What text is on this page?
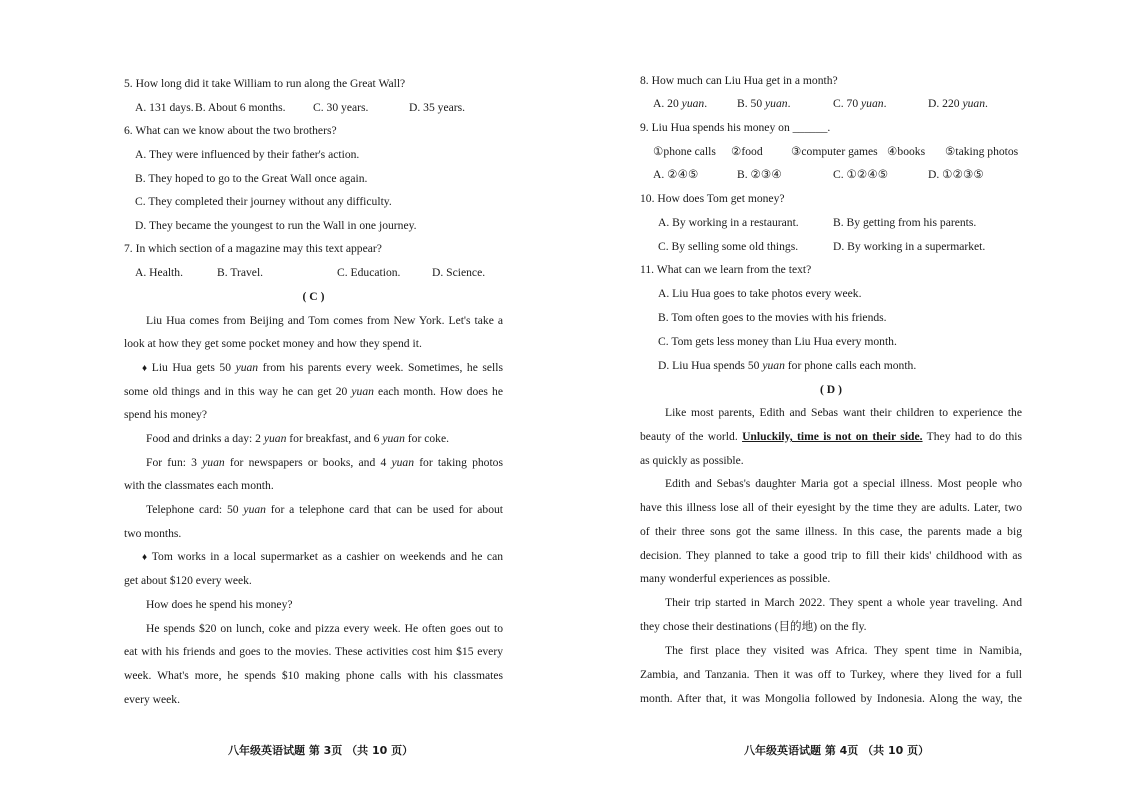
5. How long did it take William to run along the Great Wall?
A. 131 days. B. About 6 months. C. 30 years.	D. 35 years.
6. What can we know about the two brothers?
A. They were influenced by their father's action.
B. They hoped to go to the Great Wall once again.
C. They completed their journey without any difficulty.
D. They became the youngest to run the Wall in one journey.
7. In which section of a magazine may this text appear?
A. Health.	B. Travel.	C. Education.	D. Science.
( C )
Liu Hua comes from Beijing and Tom comes from New York. Let's take a
look at how they get some pocket money and how they spend it.
♦ Liu Hua gets 50 yuan from his parents every week. Sometimes, he sells
some old things and in this way he can get 20 yuan each month. How does he
spend his money?
Food and drinks a day: 2 yuan for breakfast, and 6 yuan for coke.
For fun: 3 yuan for newspapers or books, and 4 yuan for taking photos
with the classmates each month.
Telephone card: 50 yuan for a telephone card that can be used for about
two months.
♦ Tom works in a local supermarket as a cashier on weekends and he can
get about $120 every week.
How does he spend his money?
He spends $20 on lunch, coke and pizza every week. He often goes out to
eat with his friends and goes to the movies. These activities cost him $15 every
week. What's more, he spends $10 making phone calls with his classmates
every week.
八年级英语试题 第 3页 （共 10 页）
8. How much can Liu Hua get in a month?
A. 20 yuan.	B. 50 yuan.	C. 70 yuan.	D. 220 yuan.
9. Liu Hua spends his money on ______.
①phone calls ②food ③computer games ④books ⑤taking photos
A. ②④⑤	B. ②③④	C. ①②④⑤	D. ①②③⑤
10. How does Tom get money?
A. By working in a restaurant.	B. By getting from his parents.
C. By selling some old things.	D. By working in a supermarket.
11. What can we learn from the text?
A. Liu Hua goes to take photos every week.
B. Tom often goes to the movies with his friends.
C. Tom gets less money than Liu Hua every month.
D. Liu Hua spends 50 yuan for phone calls each month.
( D )
Like most parents, Edith and Sebas want their children to experience the
beauty of the world. Unluckily, time is not on their side. They had to do this
as quickly as possible.
Edith and Sebas's daughter Maria got a special illness. Most people who
have this illness lose all of their eyesight by the time they are adults. Later, two
of their three sons got the same illness. In this case, the parents made a big
decision. They planned to take a good trip to fill their kids' childhood with as
many wonderful experiences as possible.
Their trip started in March 2022. They spent a whole year traveling. And
they chose their destinations (目的地) on the fly.
The first place they visited was Africa. They spent time in Namibia,
Zambia, and Tanzania. Then it was off to Turkey, where they lived for a full
month. After that, it was Mongolia followed by Indonesia. Along the way, the
八年级英语试题 第 4页 （共 10 页）
